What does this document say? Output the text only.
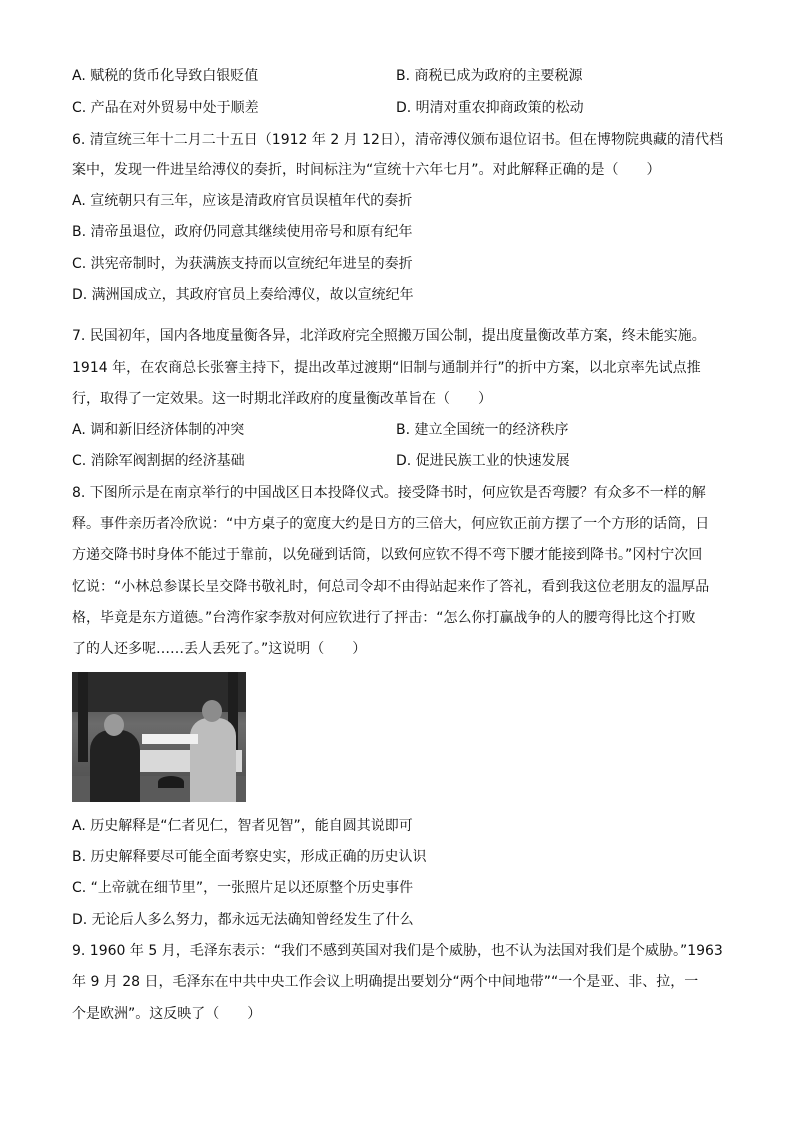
A. 赋税的货币化导致白银贬值	B. 商税已成为政府的主要税源
C. 产品在对外贸易中处于顺差	D. 明清对重农抑商政策的松动
6. 清宣统三年十二月二十五日（1912 年 2 月 12日），清帝溥仪颁布退位诏书。但在博物院典藏的清代档
案中，发现一件进呈给溥仪的奏折，时间标注为“宣统十六年七月”。对此解释正确的是（　　）
A. 宣统朝只有三年，应该是清政府官员误植年代的奏折
B. 清帝虽退位，政府仍同意其继续使用帝号和原有纪年
C. 洪宪帝制时，为获满族支持而以宣统纪年进呈的奏折
D. 满洲国成立，其政府官员上奏给溥仪，故以宣统纪年
7. 民国初年，国内各地度量衡各异，北洋政府完全照搬万国公制，提出度量衡改革方案，终未能实施。
1914 年，在农商总长张謇主持下，提出改革过渡期“旧制与通制并行”的折中方案，以北京率先试点推
行，取得了一定效果。这一时期北洋政府的度量衡改革旨在（　　）
A. 调和新旧经济体制的冲突	B. 建立全国统一的经济秩序
C. 消除军阀割据的经济基础	D. 促进民族工业的快速发展
8. 下图所示是在南京举行的中国战区日本投降仪式。接受降书时，何应钦是否弯腰？有众多不一样的解
释。事件亲历者冷欣说：“中方桌子的宽度大约是日方的三倍大，何应钦正前方摆了一个方形的话筒，日
方递交降书时身体不能过于靠前，以免碰到话筒，以致何应钦不得不弯下腰才能接到降书。”冈村宁次回
忆说：“小林总参谋长呈交降书敬礼时，何总司令却不由得站起来作了答礼，看到我这位老朋友的温厚品
格，毕竟是东方道德。”台湾作家李敖对何应钦进行了抨击：“怎么你打赢战争的人的腰弯得比这个打败
了的人还多呢……丢人丢死了。”这说明（　　）
A. 历史解释是“仁者见仁，智者见智”，能自圆其说即可
B. 历史解释要尽可能全面考察史实，形成正确的历史认识
C. “上帝就在细节里”，一张照片足以还原整个历史事件
D. 无论后人多么努力，都永远无法确知曾经发生了什么
9. 1960 年 5 月，毛泽东表示：“我们不感到英国对我们是个威胁，也不认为法国对我们是个威胁。”1963
年 9 月 28 日，毛泽东在中共中央工作会议上明确提出要划分“两个中间地带”“一个是亚、非、拉，一
个是欧洲”。这反映了（　　）
